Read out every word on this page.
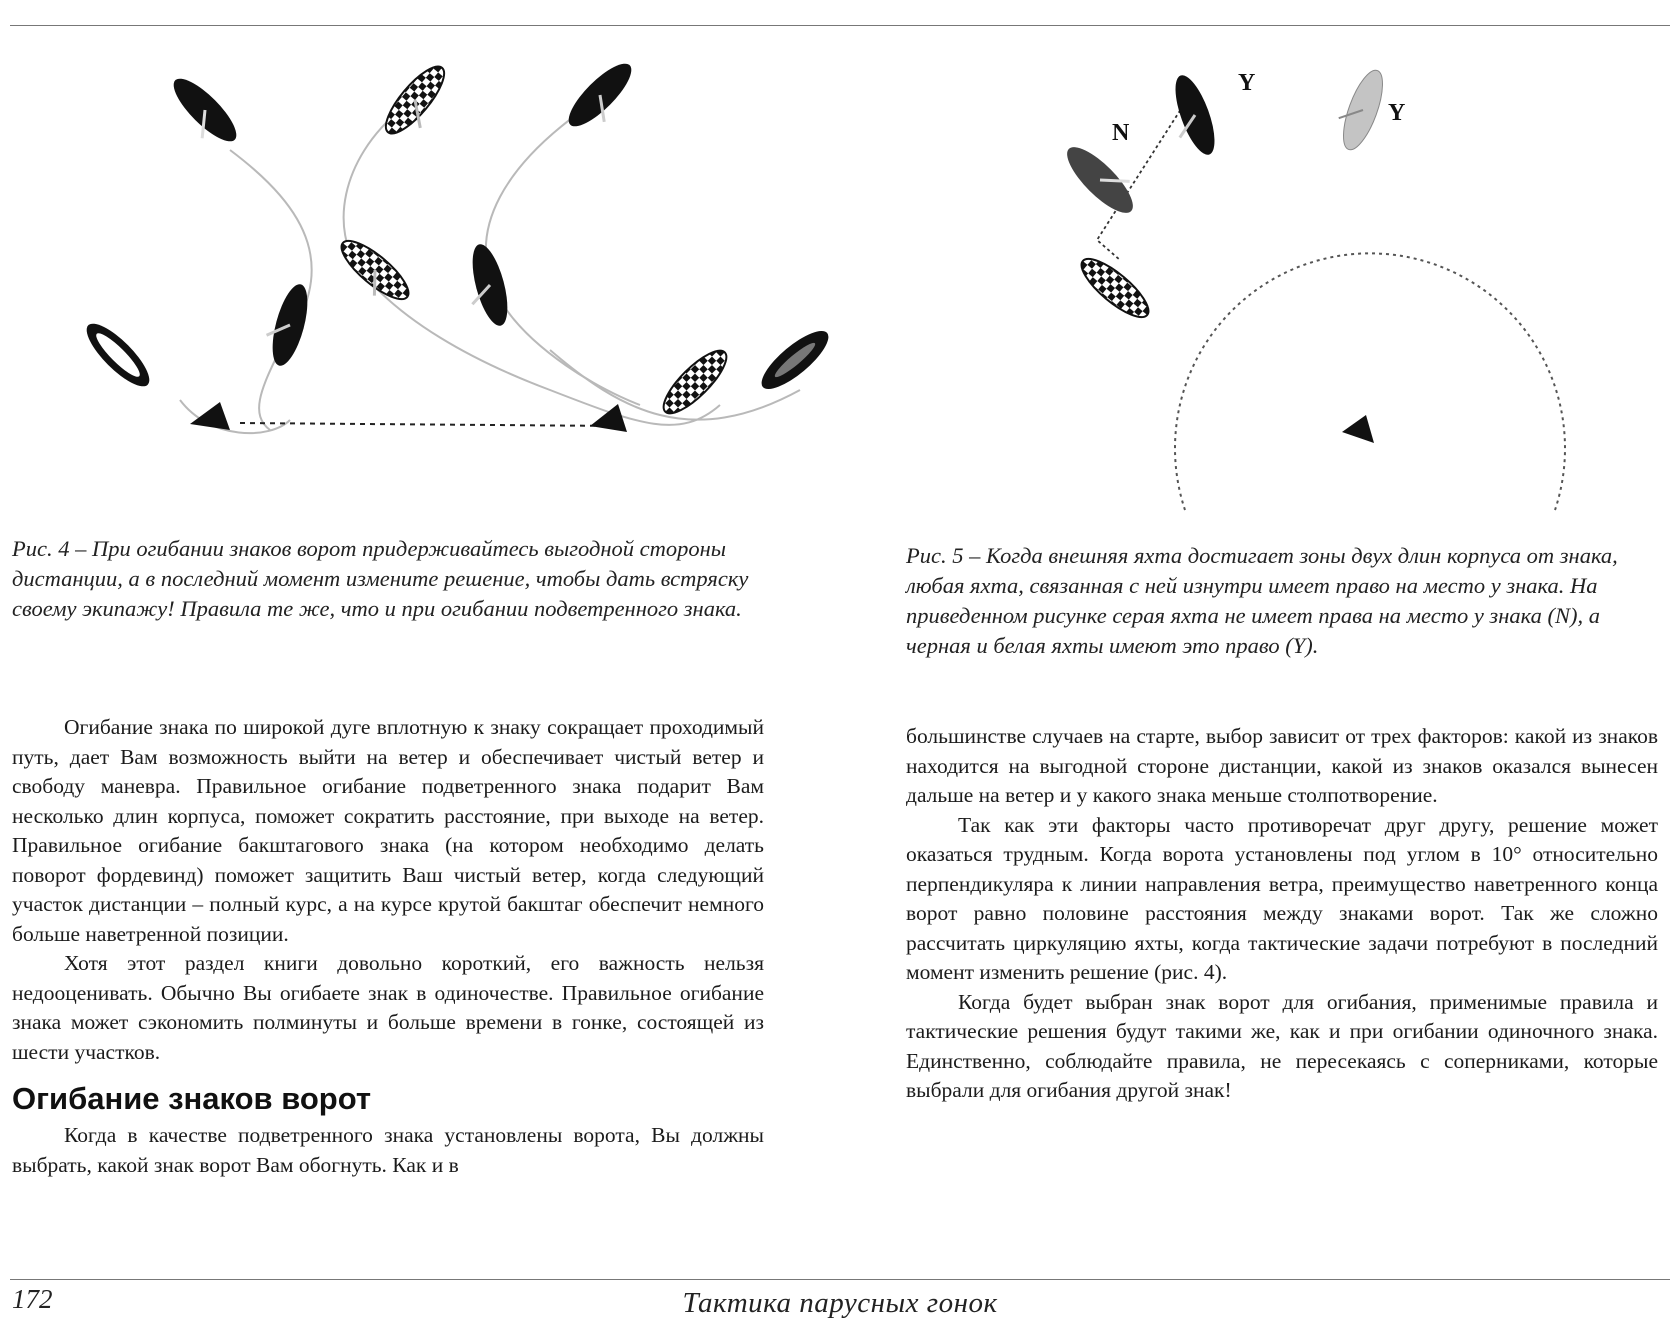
N
Y
Y

Рис. 4 – При огибании знаков ворот придерживайтесь выгодной стороны дистанции, а в последний момент измените решение, чтобы дать встряску своему экипажу! Правила те же, что и при огибании подветренного знака.

Рис. 5 – Когда внешняя яхта достигает зоны двух длин корпуса от знака, любая яхта, связанная с ней изнутри имеет право на место у знака. На приведенном рисунке серая яхта не имеет права на место у знака (N), а черная и белая яхты имеют это право (Y).

Огибание знака по широкой дуге вплотную к знаку сокращает проходимый путь, дает Вам возможность выйти на ветер и обеспечивает чистый ветер и свободу маневра. Правильное огибание подветренного знака подарит Вам несколько длин корпуса, поможет сократить расстояние, при выходе на ветер. Правильное огибание бакштагового знака (на котором необходимо делать поворот фордевинд) поможет защитить Ваш чистый ветер, когда следующий участок дистанции – полный курс, а на курсе крутой бакштаг обеспечит немного больше наветренной позиции.

Хотя этот раздел книги довольно короткий, его важность нельзя недооценивать. Обычно Вы огибаете знак в одиночестве. Правильное огибание знака может сэкономить полминуты и больше времени в гонке, состоящей из шести участков.

Огибание знаков ворот

Когда в качестве подветренного знака установлены ворота, Вы должны выбрать, какой знак ворот Вам обогнуть. Как и в

большинстве случаев на старте, выбор зависит от трех факторов: какой из знаков находится на выгодной стороне дистанции, какой из знаков оказался вынесен дальше на ветер и у какого знака меньше столпотворение.

Так как эти факторы часто противоречат друг другу, решение может оказаться трудным. Когда ворота установлены под углом в 10° относительно перпендикуляра к линии направления ветра, преимущество наветренного конца ворот равно половине расстояния между знаками ворот. Так же сложно рассчитать циркуляцию яхты, когда тактические задачи потребуют в последний момент изменить решение (рис. 4).

Когда будет выбран знак ворот для огибания, применимые правила и тактические решения будут такими же, как и при огибании одиночного знака. Единственно, соблюдайте правила, не пересекаясь с соперниками, которые выбрали для огибания другой знак!

172	Тактика парусных гонок
